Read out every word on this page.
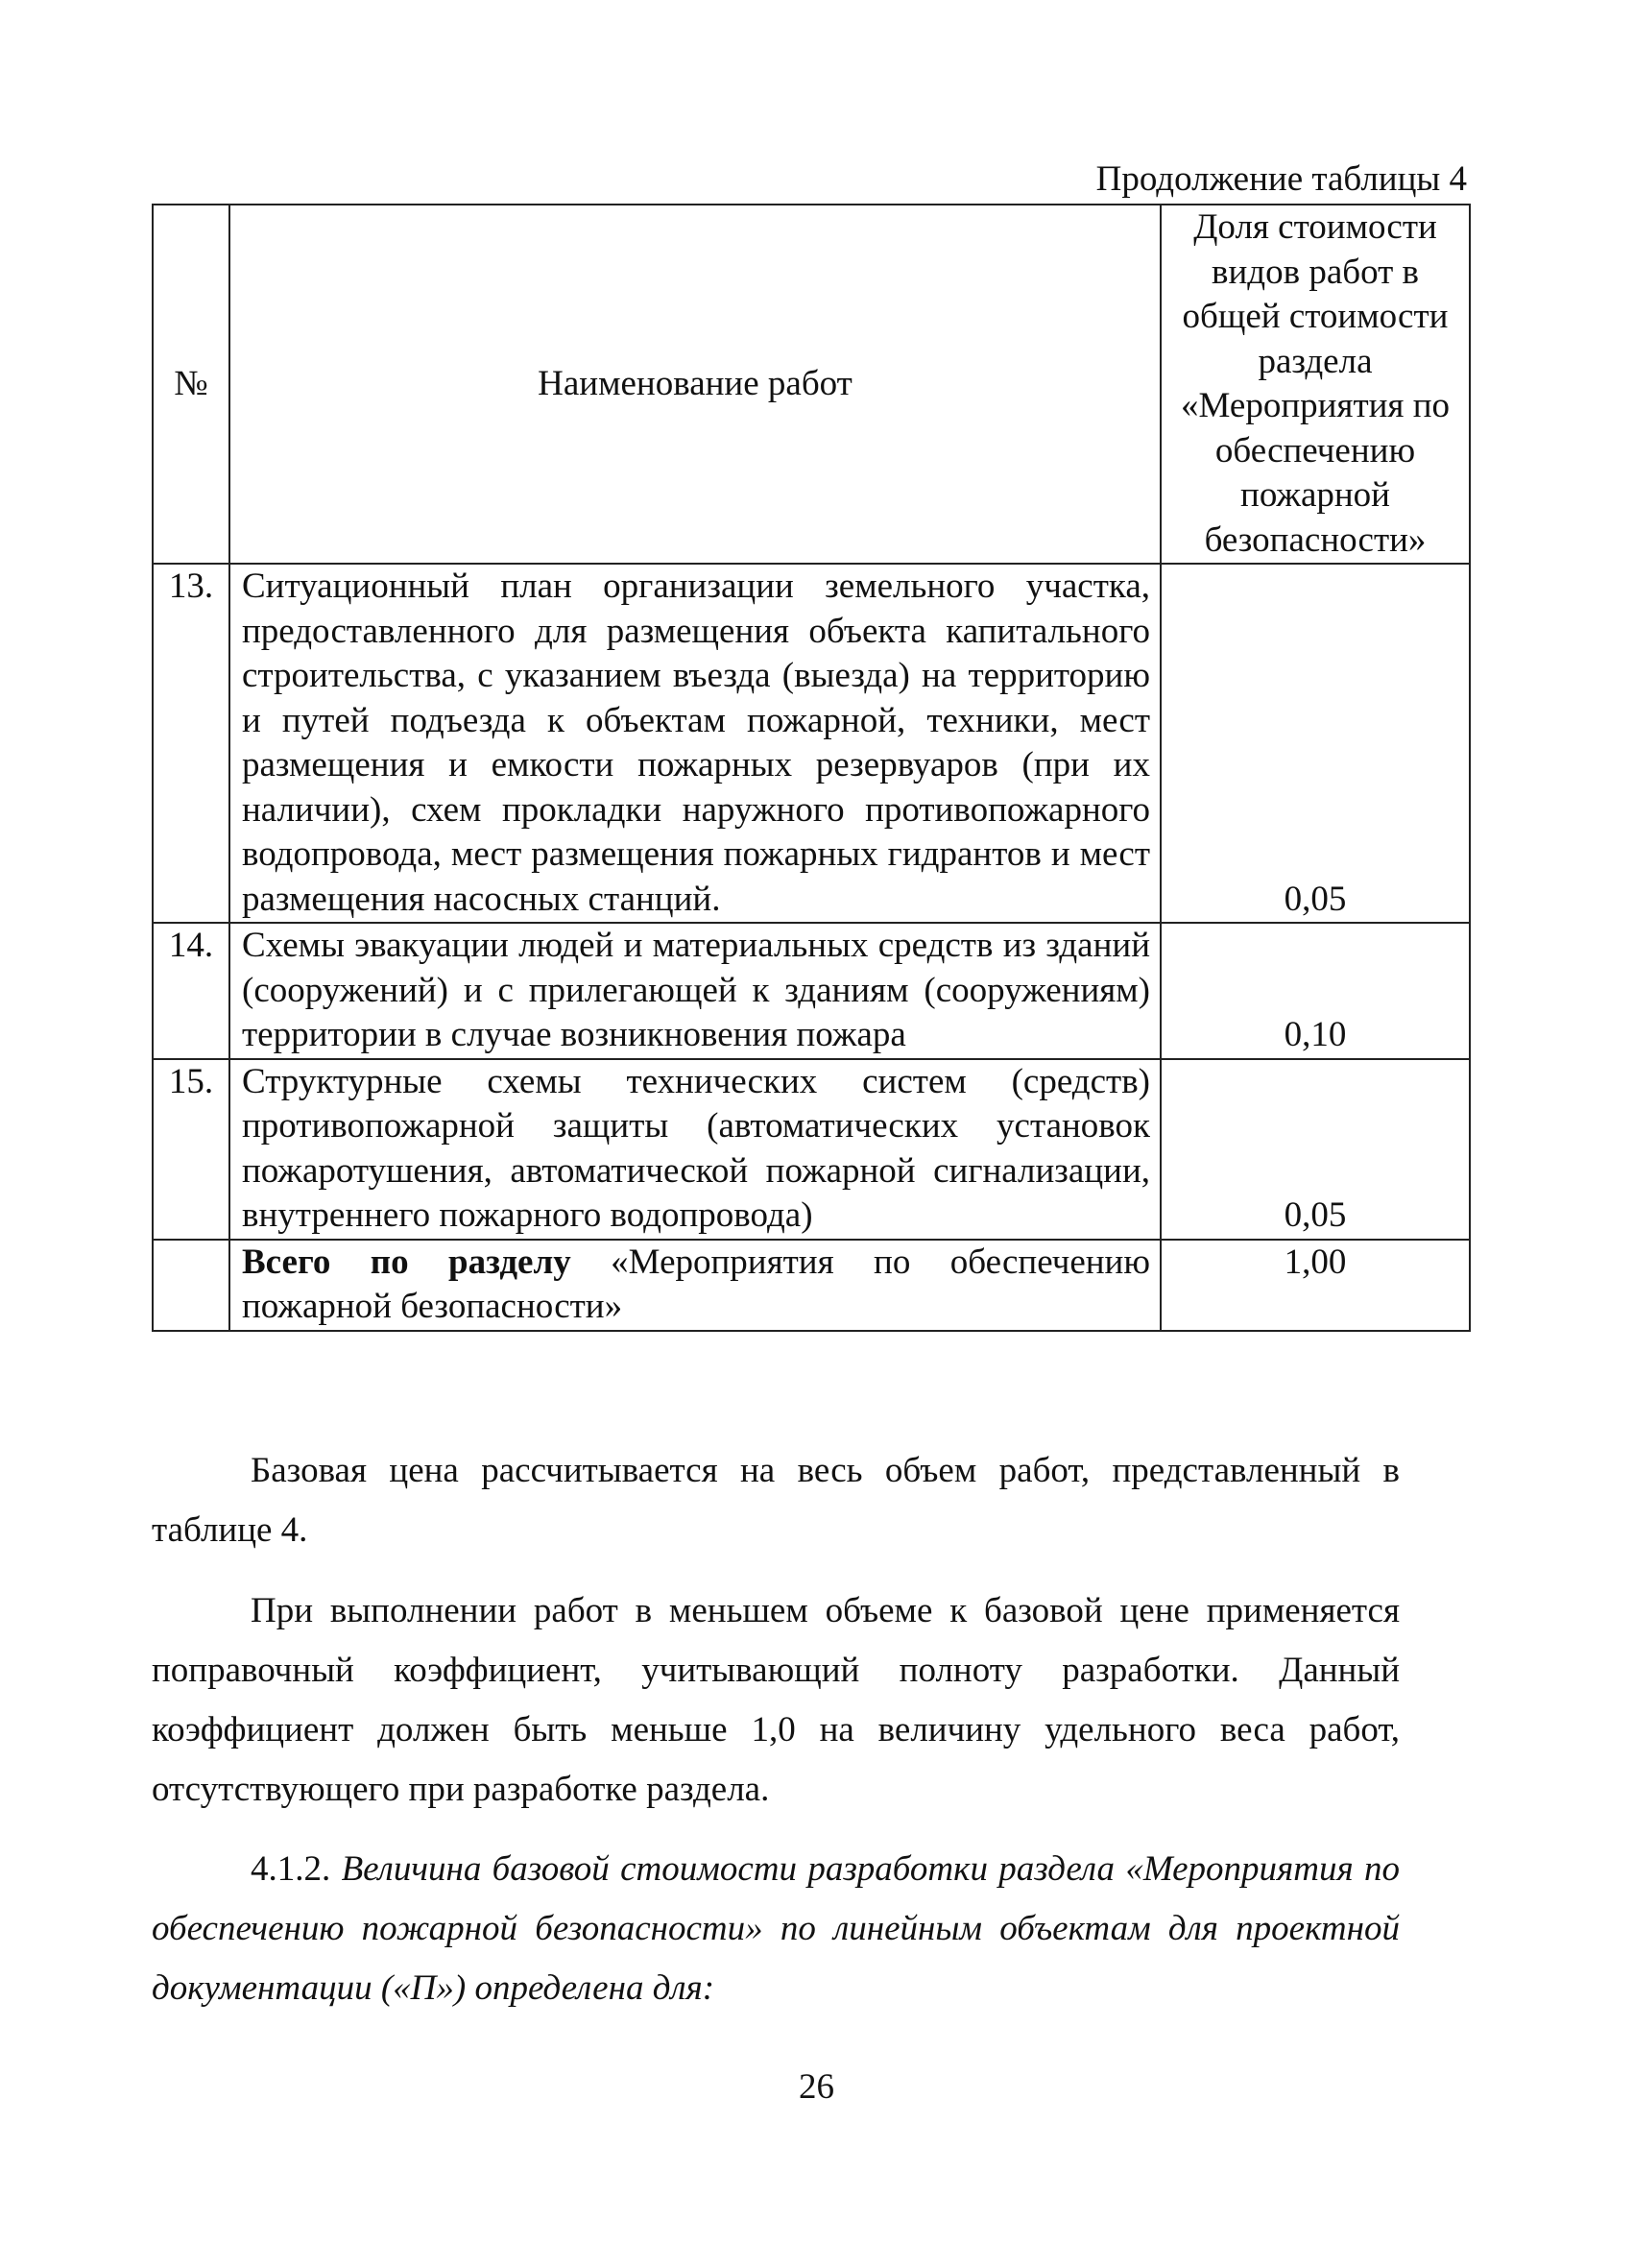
Продолжение таблицы 4
№	Наименование работ	Доля стоимости видов работ в общей стоимости раздела «Мероприятия по обеспечению пожарной безопасности»
13.	Ситуационный план организации земельного участка, предоставленного для размещения объекта капитального строительства, с указанием въезда (выезда) на территорию и путей подъезда к объектам пожарной, техники, мест размещения и емкости пожарных резервуаров (при их наличии), схем прокладки наружного противопожарного водопровода, мест размещения пожарных гидрантов и мест размещения насосных станций.	0,05
14.	Схемы эвакуации людей и материальных средств из зданий (сооружений) и с прилегающей к зданиям (сооружениям) территории в случае возникновения пожара	0,10
15.	Структурные схемы технических систем (средств) противопожарной защиты (автоматических установок пожаротушения, автоматической пожарной сигнализации, внутреннего пожарного водопровода)	0,05
	Всего по разделу «Мероприятия по обеспечению пожарной безопасности»	1,00

Базовая цена рассчитывается на весь объем работ, представленный в таблице 4.

При выполнении работ в меньшем объеме к базовой цене применяется поправочный коэффициент, учитывающий полноту разработки. Данный коэффициент должен быть меньше 1,0 на величину удельного веса работ, отсутствующего при разработке раздела.

4.1.2. Величина базовой стоимости разработки раздела «Мероприятия по обеспечению пожарной безопасности» по линейным объектам для проектной документации («П») определена для:

26
